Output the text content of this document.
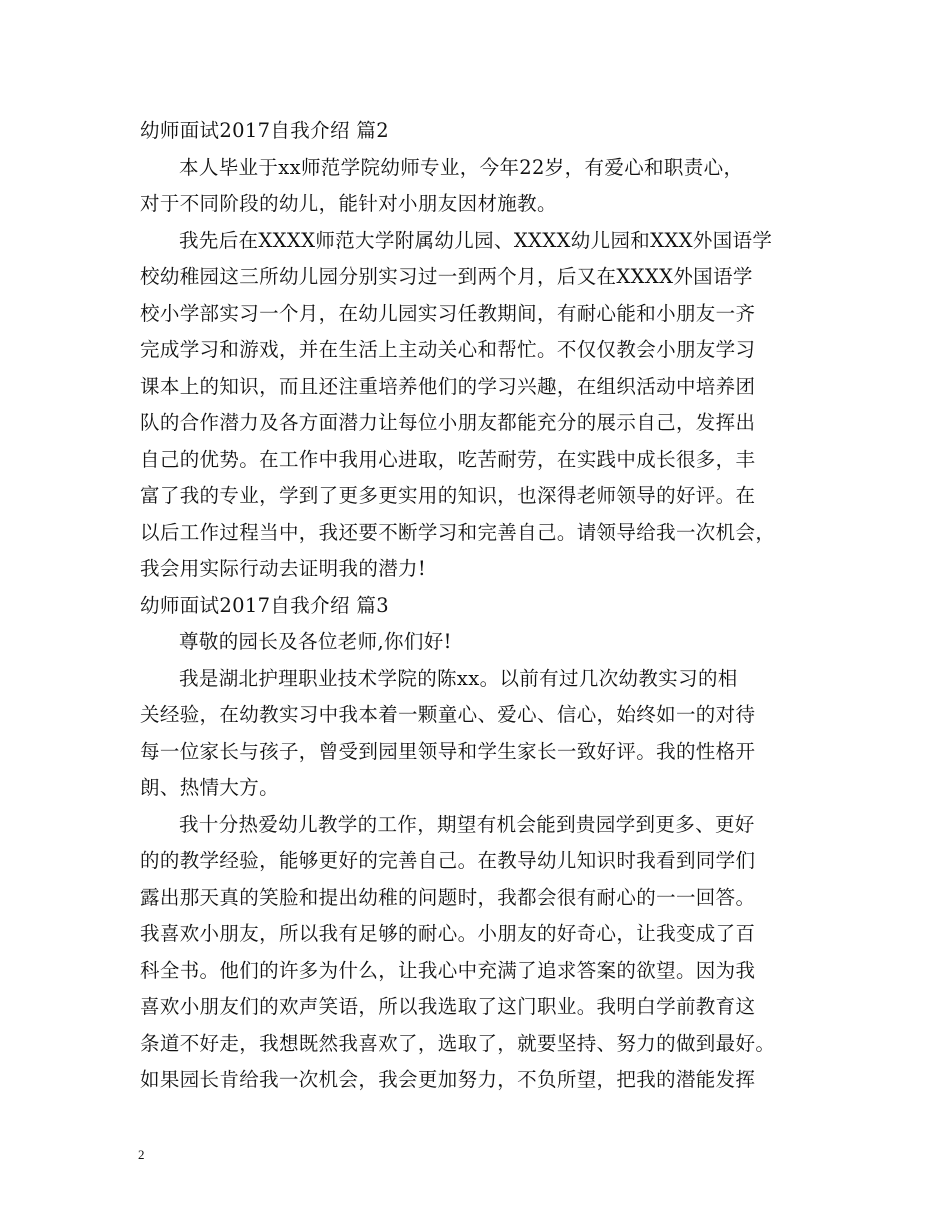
幼师面试2017自我介绍 篇2
本人毕业于xx师范学院幼师专业，今年22岁，有爱心和职责心，
对于不同阶段的幼儿，能针对小朋友因材施教。
我先后在XXXX师范大学附属幼儿园、XXXX幼儿园和XXX外国语学
校幼稚园这三所幼儿园分别实习过一到两个月，后又在XXXX外国语学
校小学部实习一个月，在幼儿园实习任教期间，有耐心能和小朋友一齐
完成学习和游戏，并在生活上主动关心和帮忙。不仅仅教会小朋友学习
课本上的知识，而且还注重培养他们的学习兴趣，在组织活动中培养团
队的合作潜力及各方面潜力让每位小朋友都能充分的展示自己，发挥出
自己的优势。在工作中我用心进取，吃苦耐劳，在实践中成长很多，丰
富了我的专业，学到了更多更实用的知识，也深得老师领导的好评。在
以后工作过程当中，我还要不断学习和完善自己。请领导给我一次机会，
我会用实际行动去证明我的潜力!
幼师面试2017自我介绍 篇3
尊敬的园长及各位老师,你们好!
我是湖北护理职业技术学院的陈xx。以前有过几次幼教实习的相
关经验，在幼教实习中我本着一颗童心、爱心、信心，始终如一的对待
每一位家长与孩子，曾受到园里领导和学生家长一致好评。我的性格开
朗、热情大方。
我十分热爱幼儿教学的工作，期望有机会能到贵园学到更多、更好
的的教学经验，能够更好的完善自己。在教导幼儿知识时我看到同学们
露出那天真的笑脸和提出幼稚的问题时，我都会很有耐心的一一回答。
我喜欢小朋友，所以我有足够的耐心。小朋友的好奇心，让我变成了百
科全书。他们的许多为什么，让我心中充满了追求答案的欲望。因为我
喜欢小朋友们的欢声笑语，所以我选取了这门职业。我明白学前教育这
条道不好走，我想既然我喜欢了，选取了，就要坚持、努力的做到最好。
如果园长肯给我一次机会，我会更加努力，不负所望，把我的潜能发挥
2
